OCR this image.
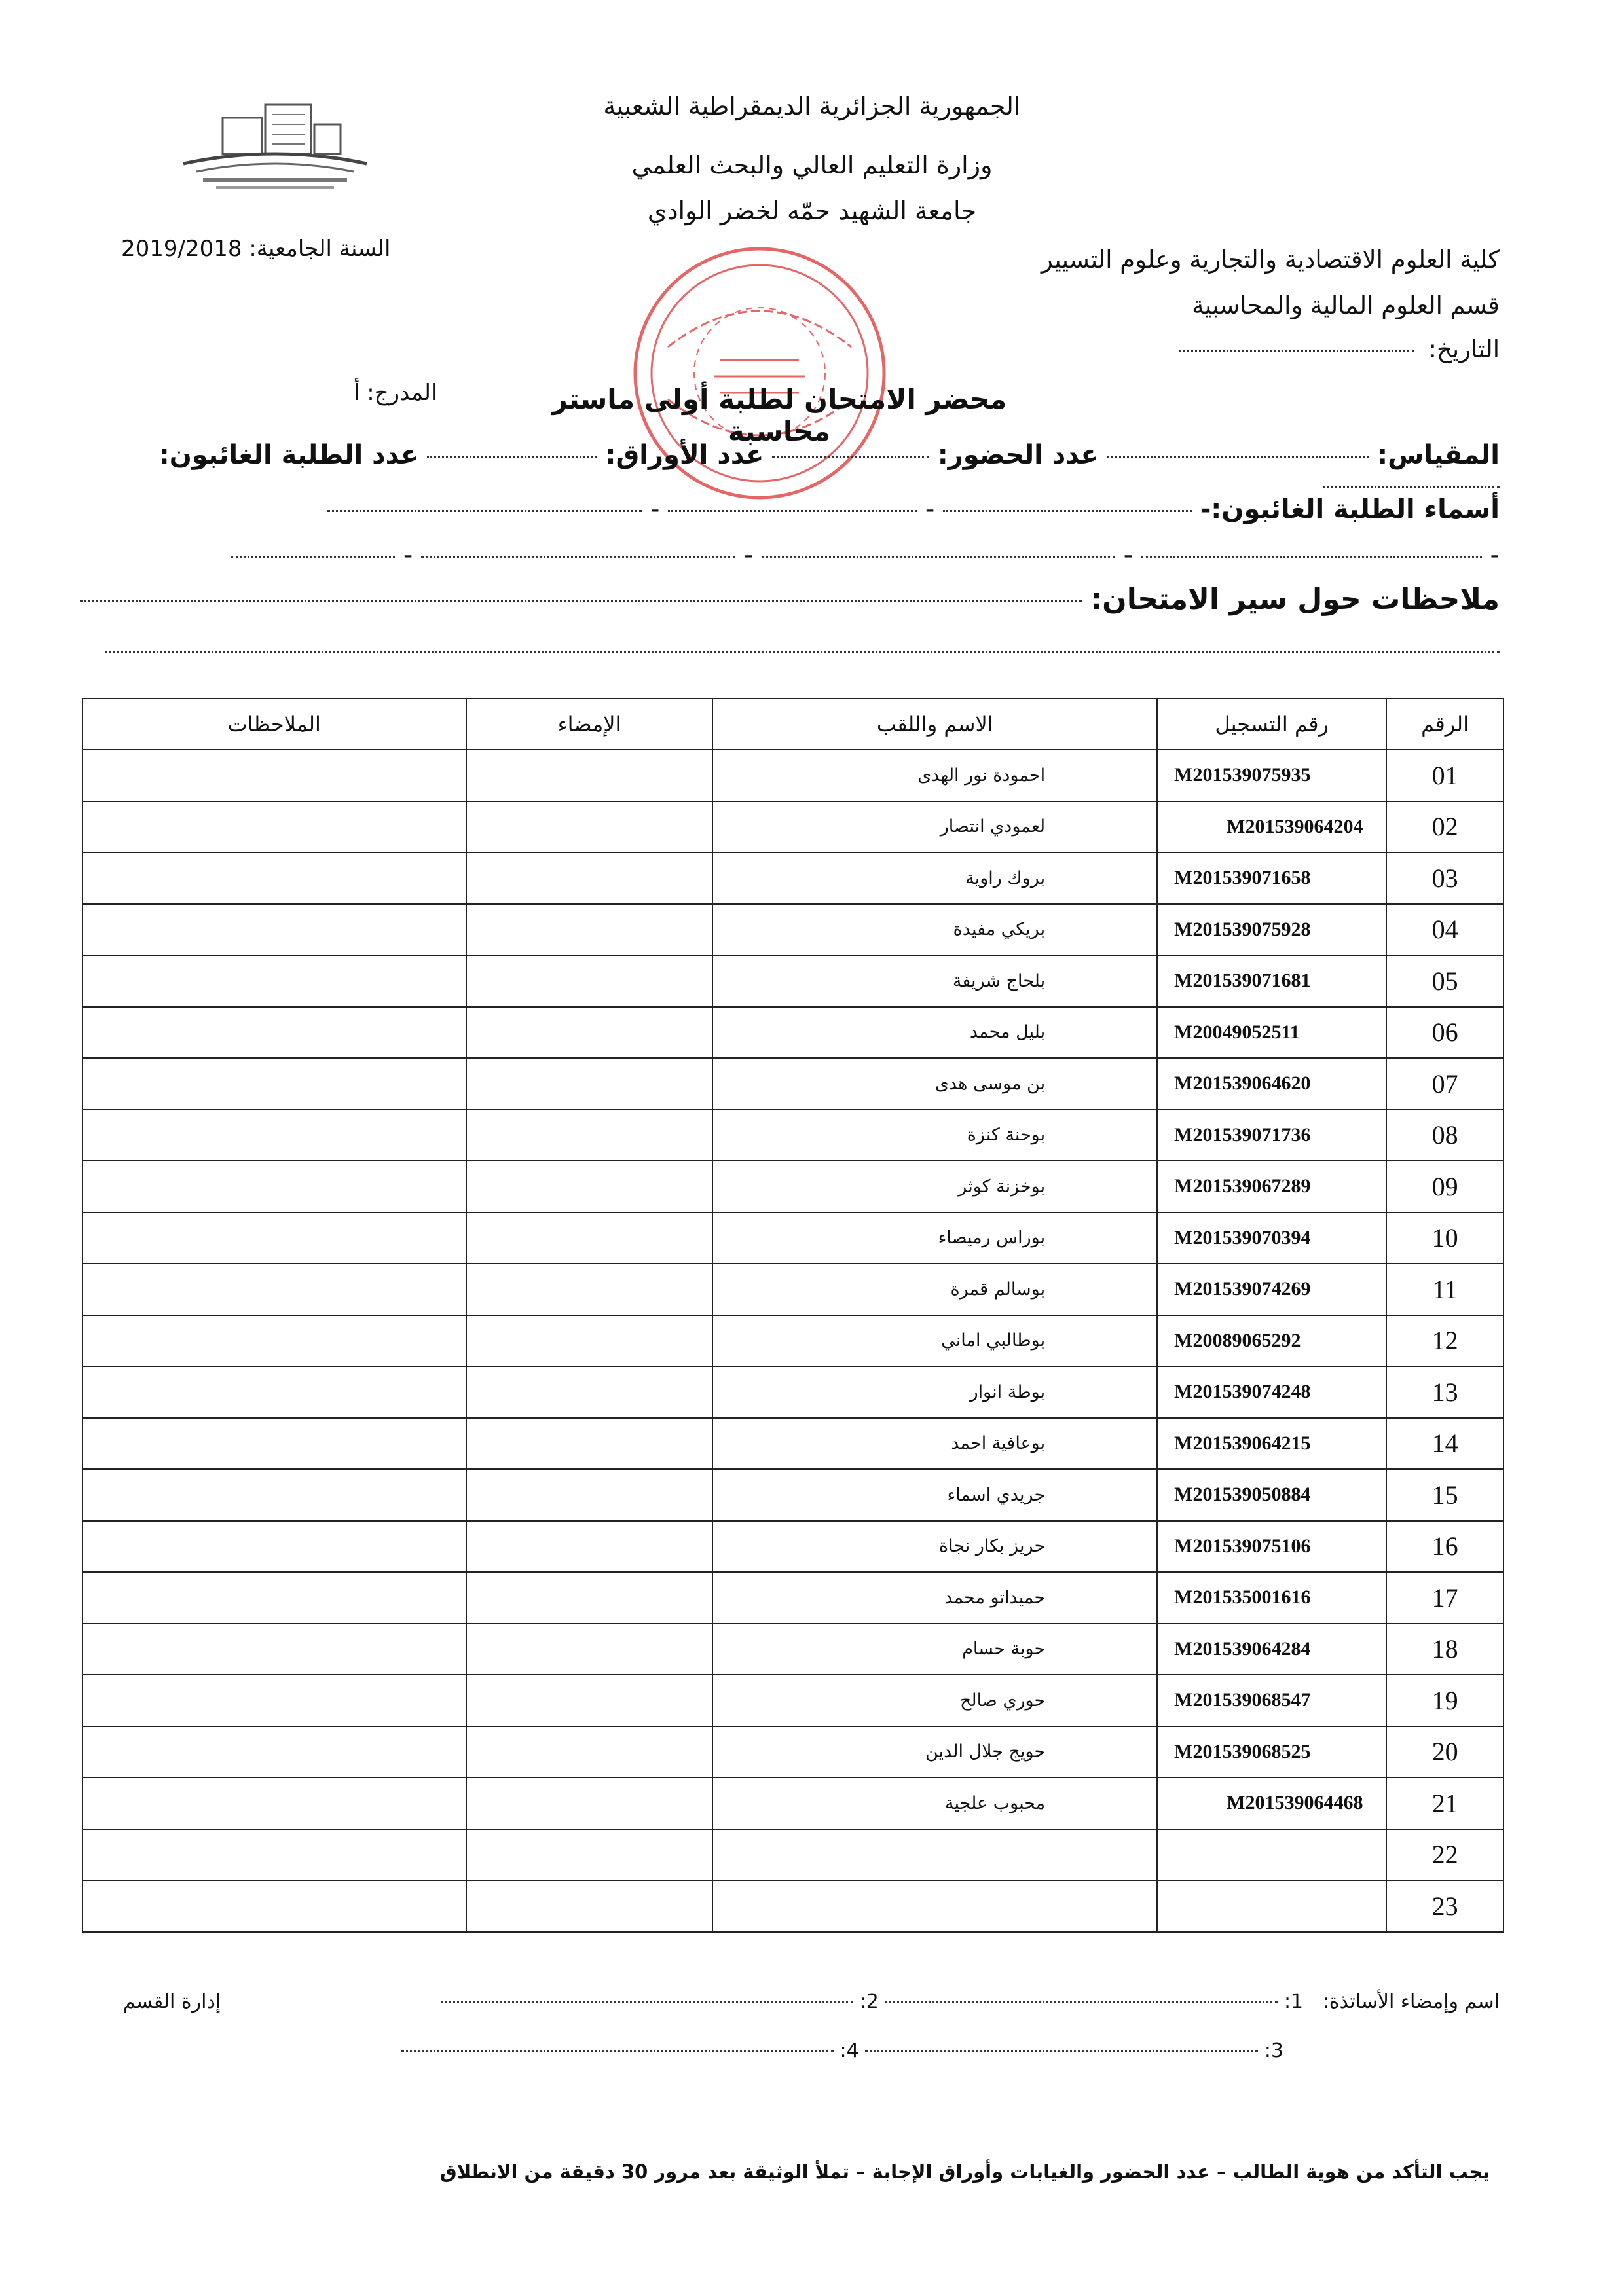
الجمهورية الجزائرية الديمقراطية الشعبية
وزارة التعليم العالي والبحث العلمي
جامعة الشهيد حمّه لخضر الوادي
كلية العلوم الاقتصادية والتجارية وعلوم التسيير
قسم العلوم المالية والمحاسبية
التاريخ:
السنة الجامعية: 2019/2018
محضر الامتحان لطلبة أولى ماستر محاسبة
المدرج: أ
المقياس:  عدد الحضور:  عدد الأوراق:  عدد الطلبة الغائبون:
أسماء الطلبة الغائبون:-  -  -
-  -  -  -
ملاحظات حول سير الامتحان:
الرقم	رقم التسجيل	الاسم واللقب	الإمضاء	الملاحظات
01	M201539075935	احمودة نور الهدى		
02	M201539064204	لعمودي انتصار		
03	M201539071658	بروك راوية		
04	M201539075928	بريكي مفيدة		
05	M201539071681	بلحاج شريفة		
06	M20049052511	بليل محمد		
07	M201539064620	بن موسى هدى		
08	M201539071736	بوحنة كنزة		
09	M201539067289	بوخزنة كوثر		
10	M201539070394	بوراس رميصاء		
11	M201539074269	بوسالم قمرة		
12	M20089065292	بوطالبي اماني		
13	M201539074248	بوطة انوار		
14	M201539064215	بوعافية احمد		
15	M201539050884	جريدي اسماء		
16	M201539075106	حريز بكار نجاة		
17	M201535001616	حميداتو محمد		
18	M201539064284	حوبة حسام		
19	M201539068547	حوري صالح		
20	M201539068525	حويج جلال الدين		
21	M201539064468	محبوب علجية		
22	

23	

اسم وإمضاء الأساتذة: 1:  2:
إدارة القسم
3:  4:
يجب التأكد من هوية الطالب – عدد الحضور والغيابات وأوراق الإجابة – تملأ الوثيقة بعد مرور 30 دقيقة من الانطلاق
